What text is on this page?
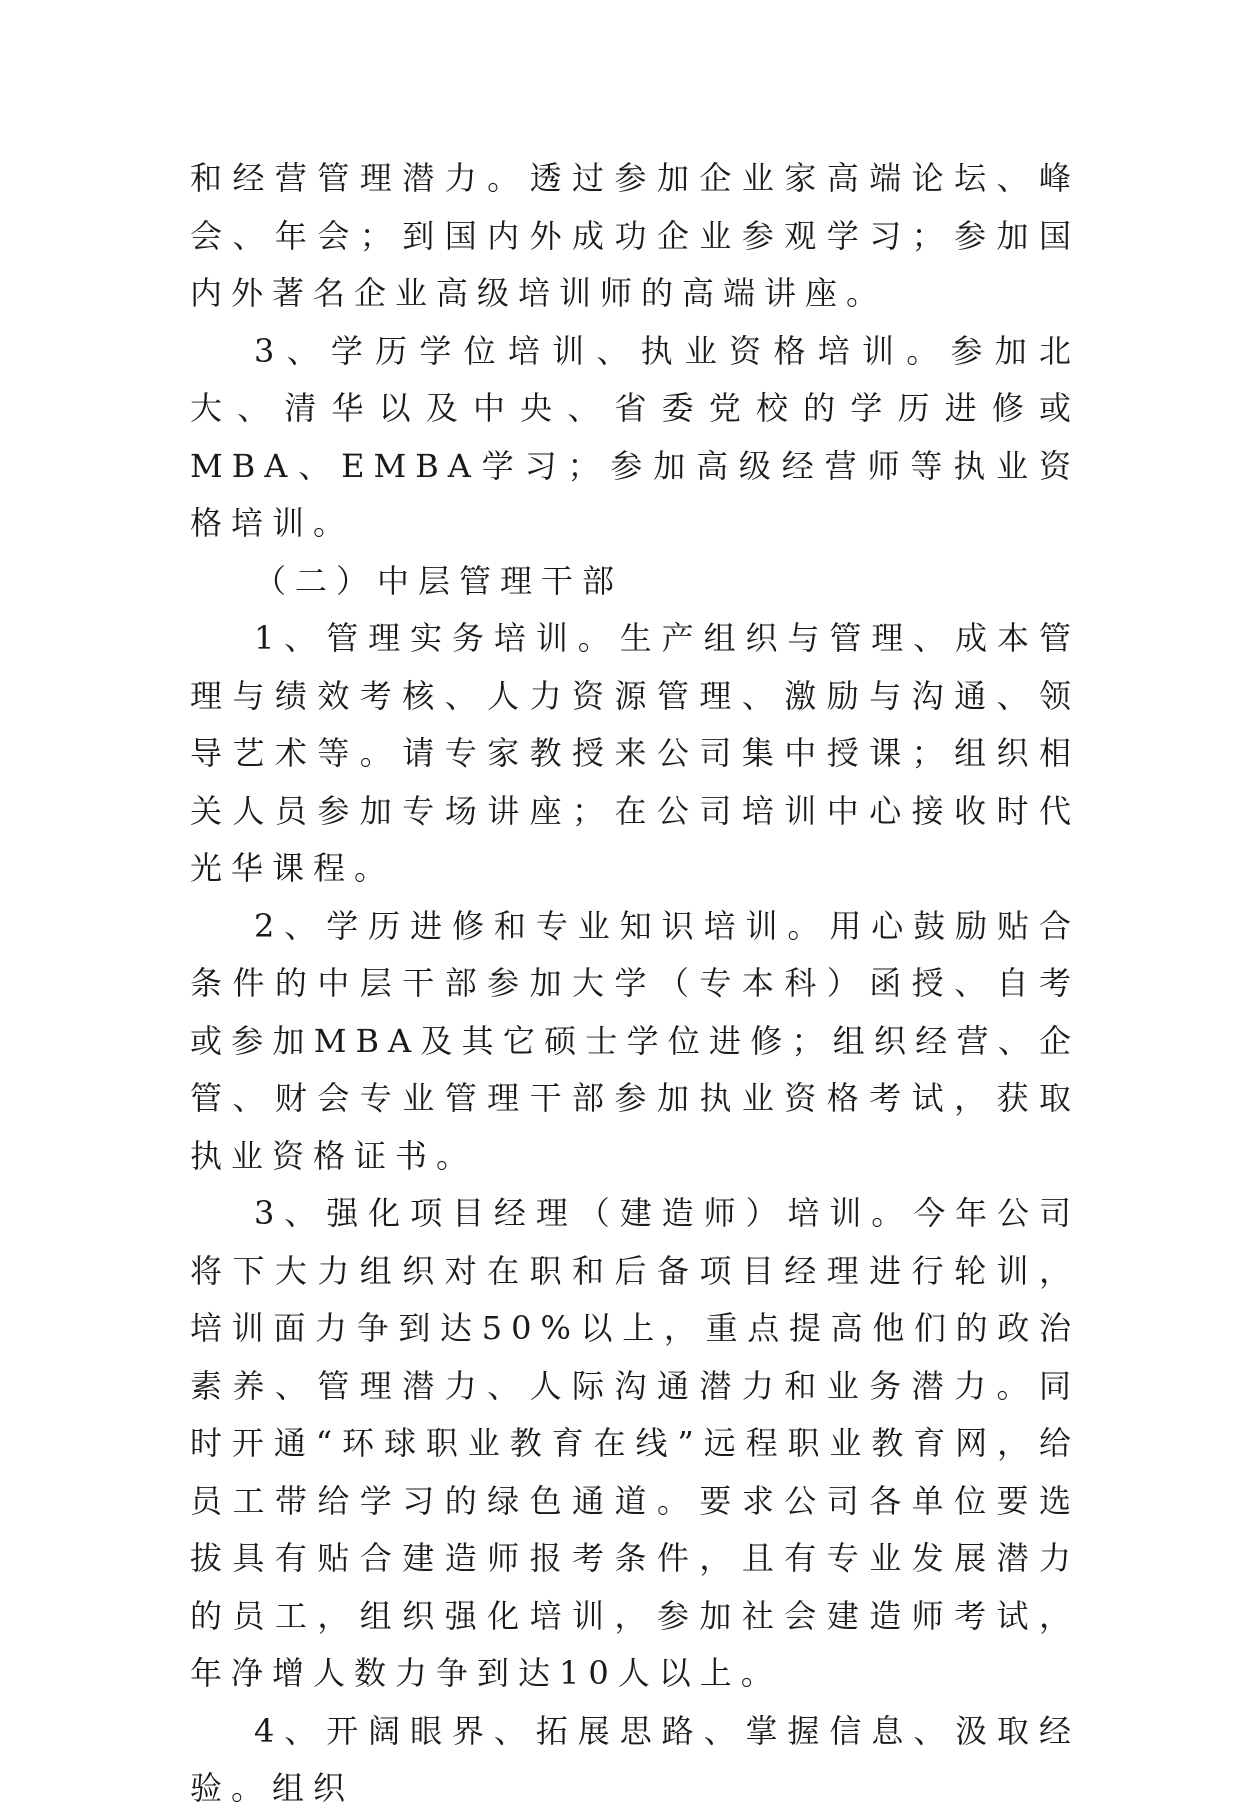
和经营管理潜力。透过参加企业家高端论坛、峰会、年会；到国内外成功企业参观学习；参加国内外著名企业高级培训师的高端讲座。

3、学历学位培训、执业资格培训。参加北大、清华以及中央、省委党校的学历进修或MBA、EMBA学习；参加高级经营师等执业资格培训。

（二）中层管理干部

1、管理实务培训。生产组织与管理、成本管理与绩效考核、人力资源管理、激励与沟通、领导艺术等。请专家教授来公司集中授课；组织相关人员参加专场讲座；在公司培训中心接收时代光华课程。

2、学历进修和专业知识培训。用心鼓励贴合条件的中层干部参加大学（专本科）函授、自考或参加MBA及其它硕士学位进修；组织经营、企管、财会专业管理干部参加执业资格考试，获取执业资格证书。

3、强化项目经理（建造师）培训。今年公司将下大力组织对在职和后备项目经理进行轮训，培训面力争到达50%以上，重点提高他们的政治素养、管理潜力、人际沟通潜力和业务潜力。同时开通“环球职业教育在线”远程职业教育网，给员工带给学习的绿色通道。要求公司各单位要选拔具有贴合建造师报考条件，且有专业发展潜力的员工，组织强化培训，参加社会建造师考试，年净增人数力争到达10人以上。

4、开阔眼界、拓展思路、掌握信息、汲取经验。组织
